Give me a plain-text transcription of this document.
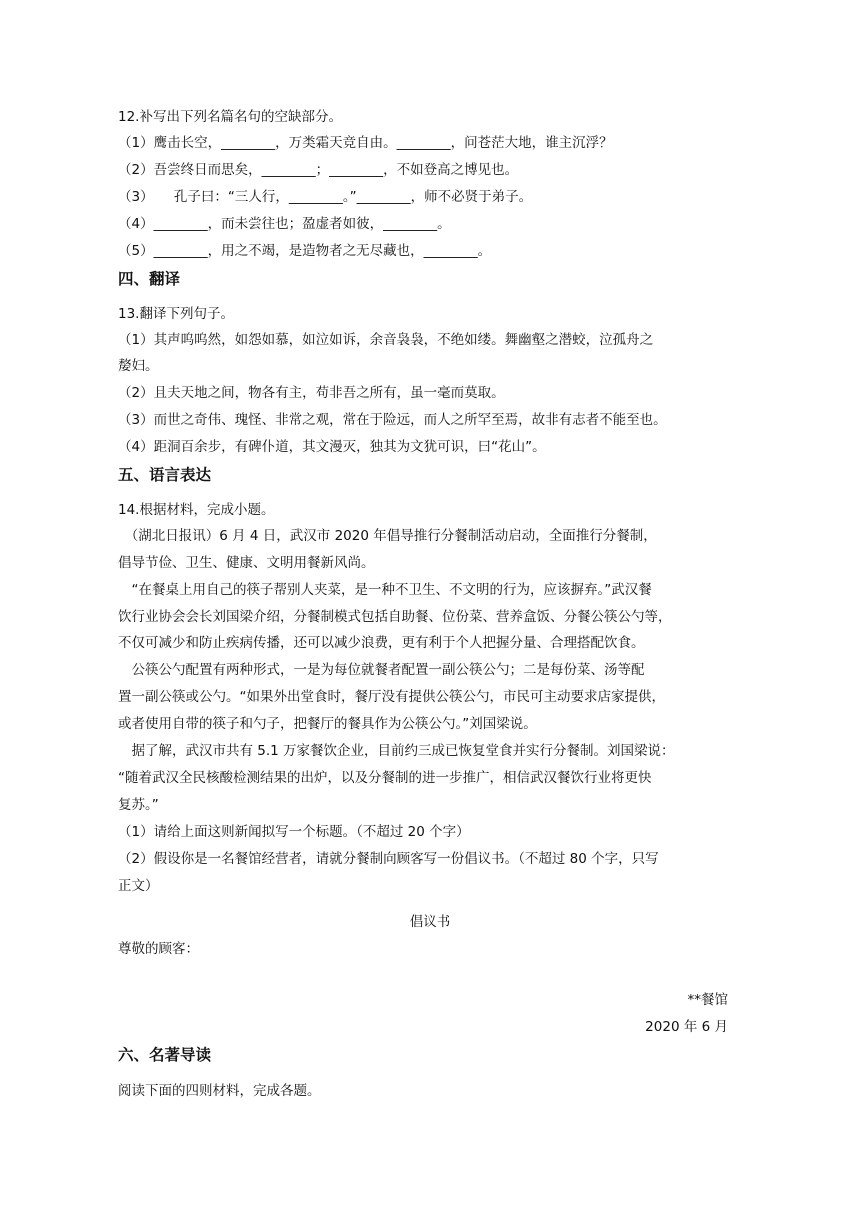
12.补写出下列名篇名句的空缺部分。
（1）鹰击长空，________，万类霜天竞自由。________，问苍茫大地，谁主沉浮？
（2）吾尝终日而思矣，________；________，不如登高之博见也。
（3）　　孔子曰：“三人行，________。”________，师不必贤于弟子。
（4）________，而未尝往也；盈虚者如彼，________。
（5）________，用之不竭，是造物者之无尽藏也，________。
四、翻译
13.翻译下列句子。
（1）其声呜呜然，如怨如慕，如泣如诉，余音袅袅，不绝如缕。舞幽壑之潜蛟，泣孤舟之
嫠妇。
（2）且夫天地之间，物各有主，苟非吾之所有，虽一毫而莫取。
（3）而世之奇伟、瑰怪、非常之观，常在于险远，而人之所罕至焉，故非有志者不能至也。
（4）距洞百余步，有碑仆道，其文漫灭，独其为文犹可识，曰“花山”。
五、语言表达
14.根据材料，完成小题。
　（湖北日报讯）6 月 4 日，武汉市 2020 年倡导推行分餐制活动启动，全面推行分餐制，
倡导节俭、卫生、健康、文明用餐新风尚。
　“在餐桌上用自己的筷子帮别人夹菜，是一种不卫生、不文明的行为，应该摒弃。”武汉餐
饮行业协会会长刘国梁介绍，分餐制模式包括自助餐、位份菜、营养盒饭、分餐公筷公勺等，
不仅可减少和防止疾病传播，还可以减少浪费，更有利于个人把握分量、合理搭配饮食。
　公筷公勺配置有两种形式，一是为每位就餐者配置一副公筷公勺；二是每份菜、汤等配
置一副公筷或公勺。“如果外出堂食时，餐厅没有提供公筷公勺，市民可主动要求店家提供，
或者使用自带的筷子和勺子，把餐厅的餐具作为公筷公勺。”刘国梁说。
　据了解，武汉市共有 5.1 万家餐饮企业，目前约三成已恢复堂食并实行分餐制。刘国梁说：
“随着武汉全民核酸检测结果的出炉，以及分餐制的进一步推广，相信武汉餐饮行业将更快
复苏。”
（1）请给上面这则新闻拟写一个标题。（不超过 20 个字）
（2）假设你是一名餐馆经营者，请就分餐制向顾客写一份倡议书。（不超过 80 个字，只写
正文）
倡议书
尊敬的顾客：
**餐馆
2020 年 6 月
六、名著导读
阅读下面的四则材料，完成各题。
